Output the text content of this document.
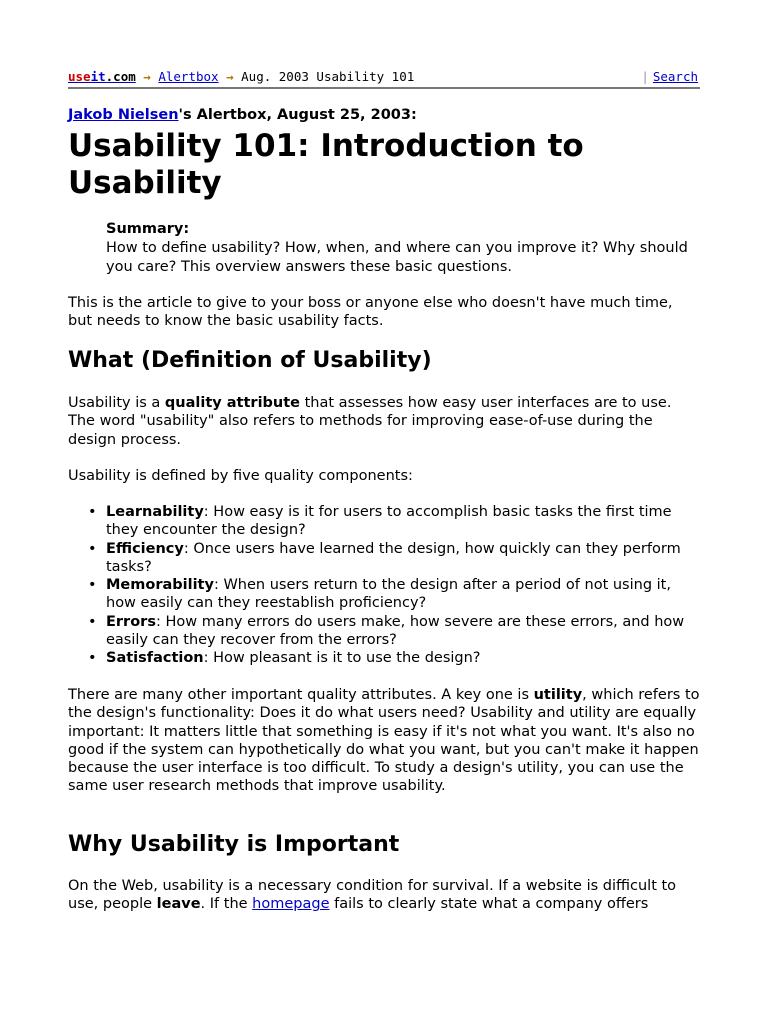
useit.com → Alertbox → Aug. 2003 Usability 101	| Search
Jakob Nielsen's Alertbox, August 25, 2003:
Usability 101: Introduction to Usability
Summary:
How to define usability? How, when, and where can you improve it? Why should you care? This overview answers these basic questions.

This is the article to give to your boss or anyone else who doesn't have much time, but needs to know the basic usability facts.

What (Definition of Usability)

Usability is a quality attribute that assesses how easy user interfaces are to use. The word "usability" also refers to methods for improving ease-of-use during the design process.

Usability is defined by five quality components:

• Learnability: How easy is it for users to accomplish basic tasks the first time they encounter the design?
• Efficiency: Once users have learned the design, how quickly can they perform tasks?
• Memorability: When users return to the design after a period of not using it, how easily can they reestablish proficiency?
• Errors: How many errors do users make, how severe are these errors, and how easily can they recover from the errors?
• Satisfaction: How pleasant is it to use the design?

There are many other important quality attributes. A key one is utility, which refers to the design's functionality: Does it do what users need? Usability and utility are equally important: It matters little that something is easy if it's not what you want. It's also no good if the system can hypothetically do what you want, but you can't make it happen because the user interface is too difficult. To study a design's utility, you can use the same user research methods that improve usability.

Why Usability is Important

On the Web, usability is a necessary condition for survival. If a website is difficult to use, people leave. If the homepage fails to clearly state what a company offers
